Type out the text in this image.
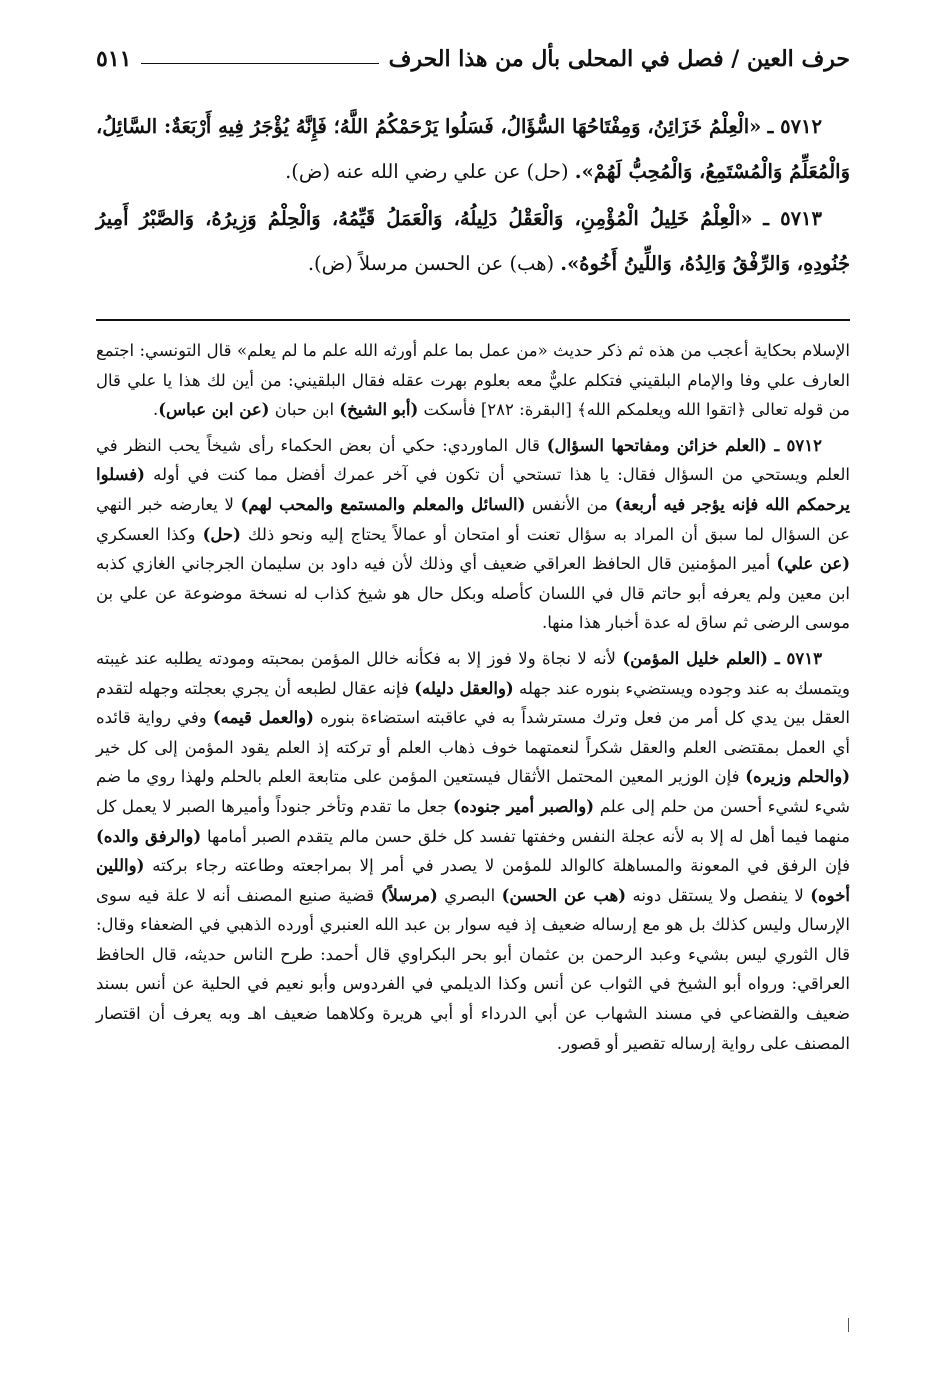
حرف العين / فصل في المحلى بأل من هذا الحرف
٥١١

٥٧١٢ ـ «الْعِلْمُ خَزَائِنُ، وَمِفْتَاحُهَا السُّؤَالُ، فَسَلُوا يَرْحَمْكُمُ اللَّهُ؛ فَإِنَّهُ يُؤْجَرُ فِيهِ أَرْبَعَةٌ: السَّائِلُ، وَالْمُعَلِّمُ وَالْمُسْتَمِعُ، وَالْمُحِبُّ لَهُمْ». (حل) عن علي رضي الله عنه (ض).

٥٧١٣ ـ «الْعِلْمُ خَلِيلُ الْمُؤْمِنِ، وَالْعَقْلُ دَلِيلُهُ، وَالْعَمَلُ قَيِّمُهُ، وَالْحِلْمُ وَزِيرُهُ، وَالصَّبْرُ أَمِيرُ جُنُودِهِ، وَالرِّفْقُ وَالِدُهُ، وَاللِّينُ أَخُوهُ». (هب) عن الحسن مرسلاً (ض).

الإسلام بحكاية أعجب من هذه ثم ذكر حديث «من عمل بما علم أورثه الله علم ما لم يعلم» قال التونسي: اجتمع العارف علي وفا والإمام البلقيني فتكلم عليٌّ معه بعلوم بهرت عقله فقال البلقيني: من أين لك هذا يا علي قال من قوله تعالى ﴿اتقوا الله ويعلمكم الله﴾ [البقرة: ٢٨٢] فأسكت (أبو الشيخ) ابن حبان (عن ابن عباس).

٥٧١٢ ـ (العلم خزائن ومفاتحها السؤال) قال الماوردي: حكي أن بعض الحكماء رأى شيخاً يحب النظر في العلم ويستحي من السؤال فقال: يا هذا تستحي أن تكون في آخر عمرك أفضل مما كنت في أوله (فسلوا يرحمكم الله فإنه يؤجر فيه أربعة) من الأنفس (السائل والمعلم والمستمع والمحب لهم) لا يعارضه خبر النهي عن السؤال لما سبق أن المراد به سؤال تعنت أو امتحان أو عمالاً يحتاج إليه ونحو ذلك (حل) وكذا العسكري (عن علي) أمير المؤمنين قال الحافظ العراقي ضعيف أي وذلك لأن فيه داود بن سليمان الجرجاني الغازي كذبه ابن معين ولم يعرفه أبو حاتم قال في اللسان كأصله وبكل حال هو شيخ كذاب له نسخة موضوعة عن علي بن موسى الرضى ثم ساق له عدة أخبار هذا منها.

٥٧١٣ ـ (العلم خليل المؤمن) لأنه لا نجاة ولا فوز إلا به فكأنه خالل المؤمن بمحبته ومودته يطلبه عند غيبته ويتمسك به عند وجوده ويستضيء بنوره عند جهله (والعقل دليله) فإنه عقال لطبعه أن يجري بعجلته وجهله لتقدم العقل بين يدي كل أمر من فعل وترك مسترشداً به في عاقبته استضاءة بنوره (والعمل قيمه) وفي رواية قائده أي العمل بمقتضى العلم والعقل شكراً لنعمتهما خوف ذهاب العلم أو تركته إذ العلم يقود المؤمن إلى كل خير (والحلم وزيره) فإن الوزير المعين المحتمل الأثقال فيستعين المؤمن على متابعة العلم بالحلم ولهذا روي ما ضم شيء لشيء أحسن من حلم إلى علم (والصبر أمير جنوده) جعل ما تقدم وتأخر جنوداً وأميرها الصبر لا يعمل كل منهما فيما أهل له إلا به لأنه عجلة النفس وخفتها تفسد كل خلق حسن مالم يتقدم الصبر أمامها (والرفق والده) فإن الرفق في المعونة والمساهلة كالوالد للمؤمن لا يصدر في أمر إلا بمراجعته وطاعته رجاء بركته (واللين أخوه) لا ينفصل ولا يستقل دونه (هب عن الحسن) البصري (مرسلاً) قضية صنيع المصنف أنه لا علة فيه سوى الإرسال وليس كذلك بل هو مع إرساله ضعيف إذ فيه سوار بن عبد الله العنبري أورده الذهبي في الضعفاء وقال: قال الثوري ليس بشيء وعبد الرحمن بن عثمان أبو بحر البكراوي قال أحمد: طرح الناس حديثه، قال الحافظ العراقي: ورواه أبو الشيخ في الثواب عن أنس وكذا الديلمي في الفردوس وأبو نعيم في الحلية عن أنس بسند ضعيف والقضاعي في مسند الشهاب عن أبي الدرداء أو أبي هريرة وكلاهما ضعيف اهـ وبه يعرف أن اقتصار المصنف على رواية إرساله تقصير أو قصور.
